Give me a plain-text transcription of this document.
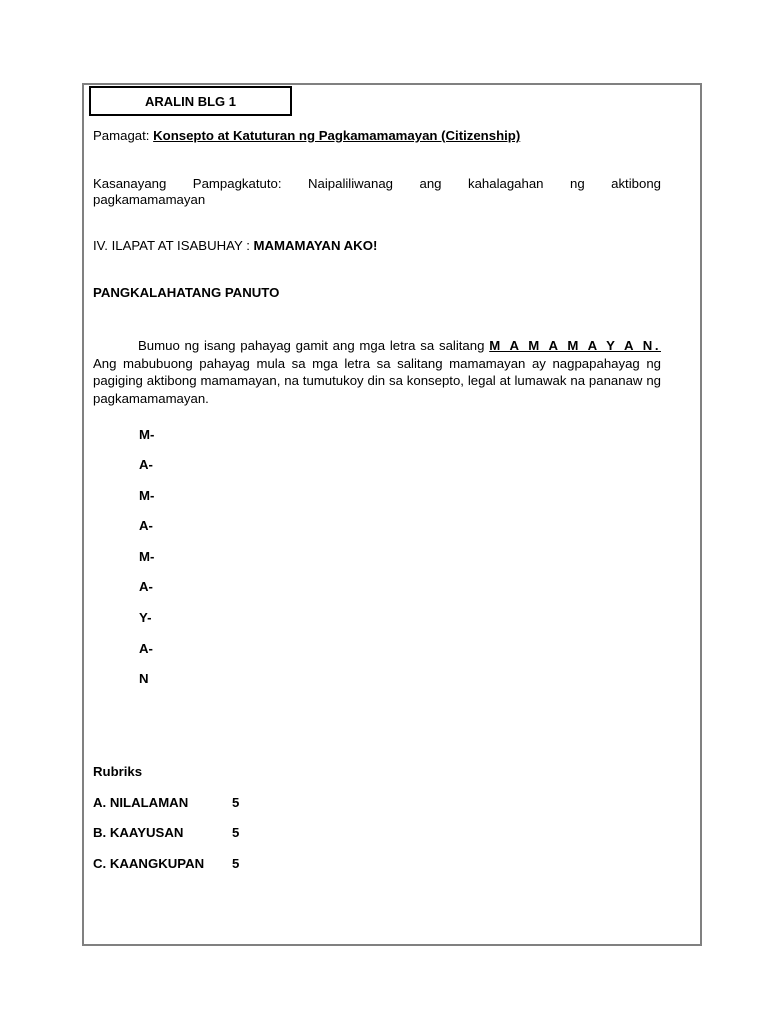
ARALIN BLG 1
Pamagat: Konsepto at Katuturan ng Pagkamamamayan (Citizenship)
Kasanayang Pampagkatuto: Naipaliliwanag ang kahalagahan ng aktibong
pagkamamamayan
IV. ILAPAT AT ISABUHAY : MAMAMAYAN AKO!
PANGKALAHATANG PANUTO
Bumuo ng isang pahayag gamit ang mga letra sa salitang M A M A M A Y A N. Ang mabubuong pahayag mula sa mga letra sa salitang mamamayan ay nagpapahayag ng pagiging aktibong mamamayan, na tumutukoy din sa konsepto, legal at lumawak na pananaw ng pagkamamamayan.
M-
A-
M-
A-
M-
A-
Y-
A-
N
Rubriks
A. NILALAMAN	5
B. KAAYUSAN	5
C. KAANGKUPAN 5
